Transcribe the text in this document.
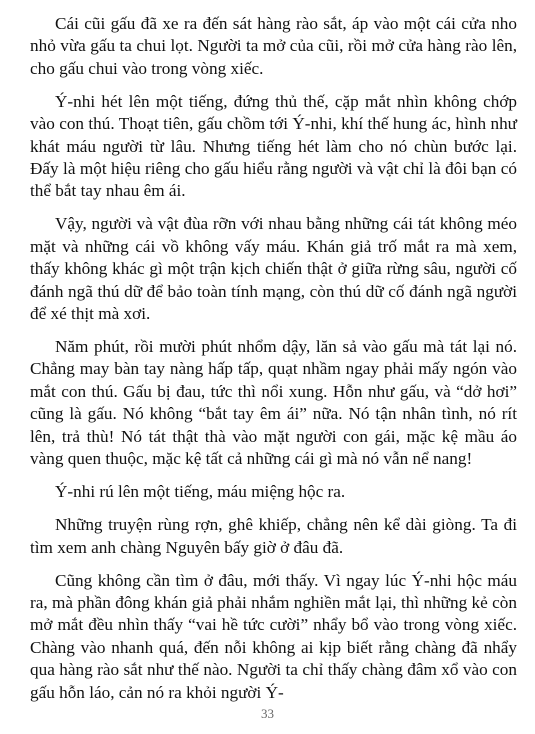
Cái cũi gấu đã xe ra đến sát hàng rào sắt, áp vào một cái cửa nho nhỏ vừa gấu ta chui lọt. Người ta mở của cũi, rồi mở cửa hàng rào lên, cho gấu chui vào trong vòng xiếc.

Ý-nhi hét lên một tiếng, đứng thủ thế, cặp mắt nhìn không chớp vào con thú. Thoạt tiên, gấu chồm tới Ý-nhi, khí thế hung ác, hình như khát máu người từ lâu. Nhưng tiếng hét làm cho nó chùn bước lại. Đấy là một hiệu riêng cho gấu hiểu rằng người và vật chỉ là đôi bạn có thể bắt tay nhau êm ái.

Vậy, người và vật đùa rỡn với nhau bằng những cái tát không méo mặt và những cái vồ không vấy máu. Khán giả trố mắt ra mà xem, thấy không khác gì một trận kịch chiến thật ở giữa rừng sâu, người cố đánh ngã thú dữ để bảo toàn tính mạng, còn thú dữ cố đánh ngã người để xé thịt mà xơi.

Năm phút, rồi mười phút nhổm dậy, lăn sả vào gấu mà tát lại nó. Chẳng may bàn tay nàng hấp tấp, quạt nhầm ngay phải mấy ngón vào mắt con thú. Gấu bị đau, tức thì nổi xung. Hỗn như gấu, và “dở hơi” cũng là gấu. Nó không “bắt tay êm ái” nữa. Nó tận nhân tình, nó rít lên, trả thù! Nó tát thật thà vào mặt người con gái, mặc kệ mầu áo vàng quen thuộc, mặc kệ tất cả những cái gì mà nó vẫn nể nang!

Ý-nhi rú lên một tiếng, máu miệng hộc ra.

Những truyện rùng rợn, ghê khiếp, chẳng nên kể dài giòng. Ta đi tìm xem anh chàng Nguyên bấy giờ ở đâu đã.

Cũng không cần tìm ở đâu, mới thấy. Vì ngay lúc Ý-nhi hộc máu ra, mà phần đông khán giả phải nhắm nghiền mắt lại, thì những kẻ còn mở mắt đều nhìn thấy “vai hề tức cười” nhẩy bổ vào trong vòng xiếc. Chàng vào nhanh quá, đến nỗi không ai kịp biết rằng chàng đã nhẩy qua hàng rào sắt như thế nào. Người ta chỉ thấy chàng đâm xổ vào con gấu hỗn láo, cản nó ra khỏi người Ý-

33
